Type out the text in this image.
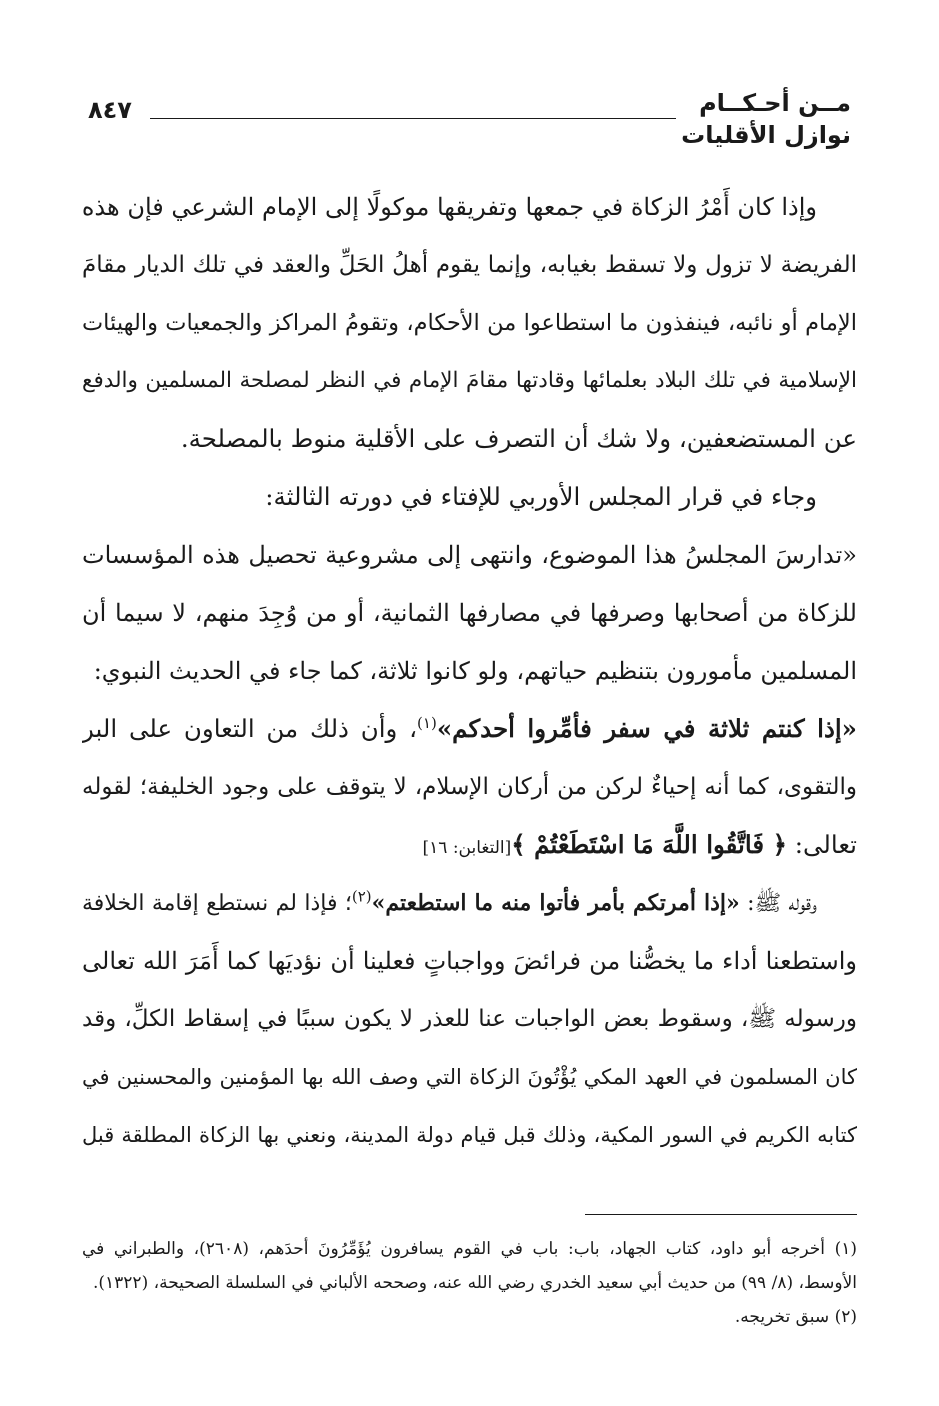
مــن أحـكــام
نوازل الأقليات
٨٤٧
وإذا كان أَمْرُ الزكاة في جمعها وتفريقها موكولًا إلى الإمام الشرعي فإن هذه
الفريضة لا تزول ولا تسقط بغيابه، وإنما يقوم أهلُ الحَلِّ والعقد في تلك الديار مقامَ
الإمام أو نائبه، فينفذون ما استطاعوا من الأحكام، وتقومُ المراكز والجمعيات والهيئات
الإسلامية في تلك البلاد بعلمائها وقادتها مقامَ الإمام في النظر لمصلحة المسلمين والدفع
عن المستضعفين، ولا شك أن التصرف على الأقلية منوط بالمصلحة.
وجاء في قرار المجلس الأوربي للإفتاء في دورته الثالثة:
«تدارسَ المجلسُ هذا الموضوع، وانتهى إلى مشروعية تحصيل هذه المؤسسات
للزكاة من أصحابها وصرفها في مصارفها الثمانية، أو من وُجِدَ منهم، لا سيما أن
المسلمين مأمورون بتنظيم حياتهم، ولو كانوا ثلاثة، كما جاء في الحديث النبوي:
«إذا كنتم ثلاثة في سفر فأمِّروا أحدكم»$^{(١)}$، وأن ذلك من التعاون على البر
والتقوى، كما أنه إحياءٌ لركن من أركان الإسلام، لا يتوقف على وجود الخليفة؛ لقوله
تعالى: ﴿ فَاتَّقُوا اللَّهَ مَا اسْتَطَعْتُمْ ﴾[التغابن: ١٦]
وقوله ﷺ: «إذا أمرتكم بأمر فأتوا منه ما استطعتم»$^{(٢)}$؛ فإذا لم نستطع إقامة الخلافة
واستطعنا أداء ما يخصُّنا من فرائضَ وواجباتٍ فعلينا أن نؤديَها كما أَمَرَ الله تعالى
ورسوله ﷺ، وسقوط بعض الواجبات عنا للعذر لا يكون سببًا في إسقاط الكلِّ، وقد
كان المسلمون في العهد المكي يُؤْتُونَ الزكاة التي وصف الله بها المؤمنين والمحسنين في
كتابه الكريم في السور المكية، وذلك قبل قيام دولة المدينة، ونعني بها الزكاة المطلقة قبل
(١) أخرجه أبو داود، كتاب الجهاد، باب: باب في القوم يسافرون يُؤَمِّرُونَ أحدَهم، (٢٦٠٨)، والطبراني في
الأوسط، (٨/ ٩٩) من حديث أبي سعيد الخدري رضي الله عنه، وصححه الألباني في السلسلة الصحيحة، (١٣٢٢).
(٢) سبق تخريجه.
